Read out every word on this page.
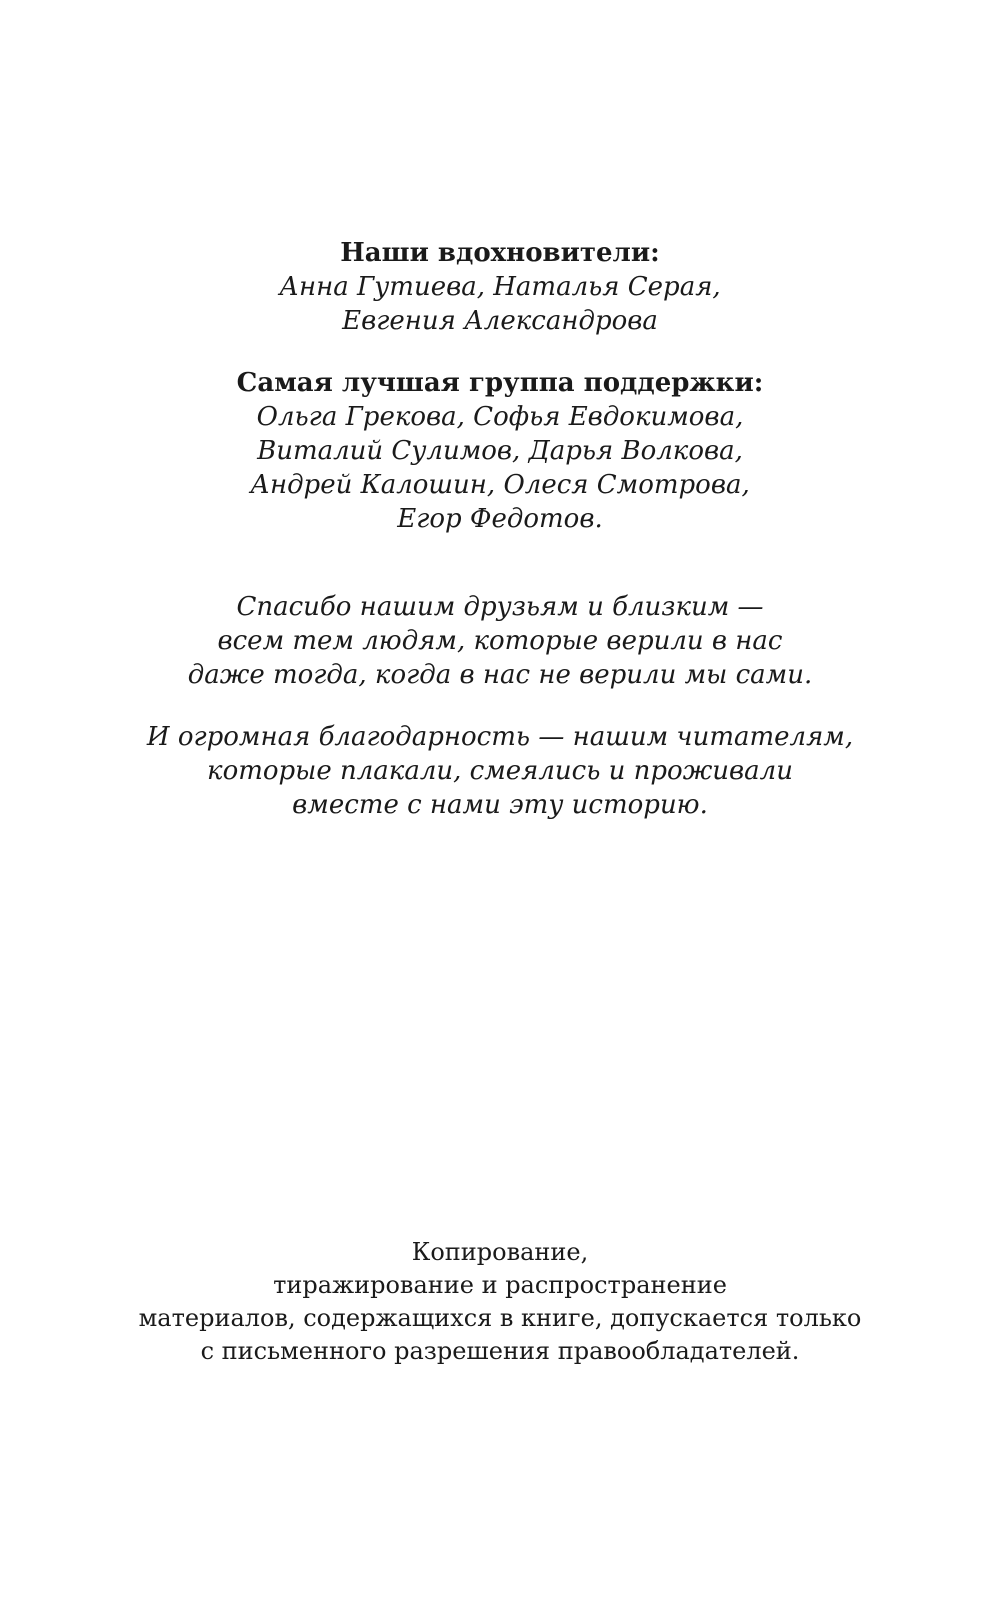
Наши вдохновители:

Анна Гутиева, Наталья Серая,

Евгения Александрова

Самая лучшая группа поддержки:

Ольга Грекова, Софья Евдокимова,

Виталий Сулимов, Дарья Волкова,

Андрей Калошин, Олеся Смотрова,

Егор Федотов.

Спасибо нашим друзьям и близким —

всем тем людям, которые верили в нас

даже тогда, когда в нас не верили мы сами.

И огромная благодарность — нашим читателям,

которые плакали, смеялись и проживали

вместе с нами эту историю.

Копирование,

тиражирование и распространение

материалов, содержащихся в книге, допускается только

с письменного разрешения правообладателей.
